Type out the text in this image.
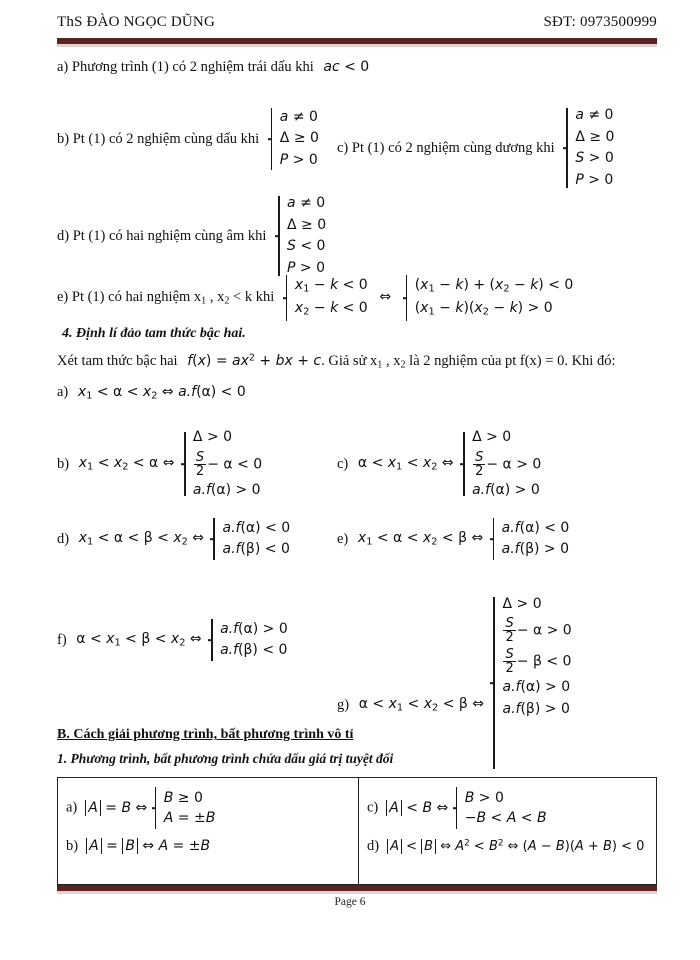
ThS ĐÀO NGỌC DŨNG	SĐT: 0973500999
a) Phương trình (1) có 2 nghiệm trái dấu khi ac < 0
b) Pt (1) có 2 nghiệm cùng dấu khi
a ≠ 0
Δ ≥ 0
P > 0
c) Pt (1) có 2 nghiệm cùng dương khi
a ≠ 0
Δ ≥ 0
S > 0
P > 0
d) Pt (1) có hai nghiệm cùng âm khi
a ≠ 0
Δ ≥ 0
S < 0
P > 0
e) Pt (1) có hai nghiệm $x_1$ , $x_2 < k$ khi
$x_1 - k < 0$
$x_2 - k < 0$
⇔
$(x_1 - k) + (x_2 - k) < 0$
$(x_1 - k)(x_2 - k) > 0$
4. Định lí đảo tam thức bậc hai.
Xét tam thức bậc hai $f(x) = ax^2$ + bx + c. Giả sử $x_1$ , $x_2$ là 2 nghiệm của pt f(x) = 0. Khi đó:
a) $x_1 < \alpha < x_2$ ⇔ a.f(α) < 0
b) $x_1 < x_2 < \alpha$ ⇔
Δ > 0
$\frac{S}{2} - \alpha < 0$
a.f(α) > 0
c) $\alpha < x_1 < x_2$ ⇔
Δ > 0
$\frac{S}{2} - \alpha > 0$
a.f(α) > 0
d) $x_1 < \alpha < \beta < x_2$ ⇔
a.f(α) < 0
a.f(β) < 0
e) $x_1 < \alpha < x_2 < \beta$ ⇔
a.f(α) < 0
a.f(β) > 0
f) $\alpha < x_1 < \beta < x_2$ ⇔
a.f(α) > 0
a.f(β) < 0
g) $\alpha < x_1 < x_2 < \beta$ ⇔
Δ > 0
$\frac{S}{2} - \alpha > 0$
$\frac{S}{2} - \beta < 0$
a.f(α) > 0
a.f(β) > 0
B. Cách giải phương trình, bất phương trình vô tỉ
1. Phương trình, bất phương trình chứa dấu giá trị tuyệt đối
a) A = B ⇔
B ≥ 0
A = ±B
b) A = B ⇔ A = ±B
c) A < B ⇔
B > 0
−B < A < B
d) A < B ⇔ $A^2 < B^2$ ⇔ (A − B)(A + B) < 0
Page 6
